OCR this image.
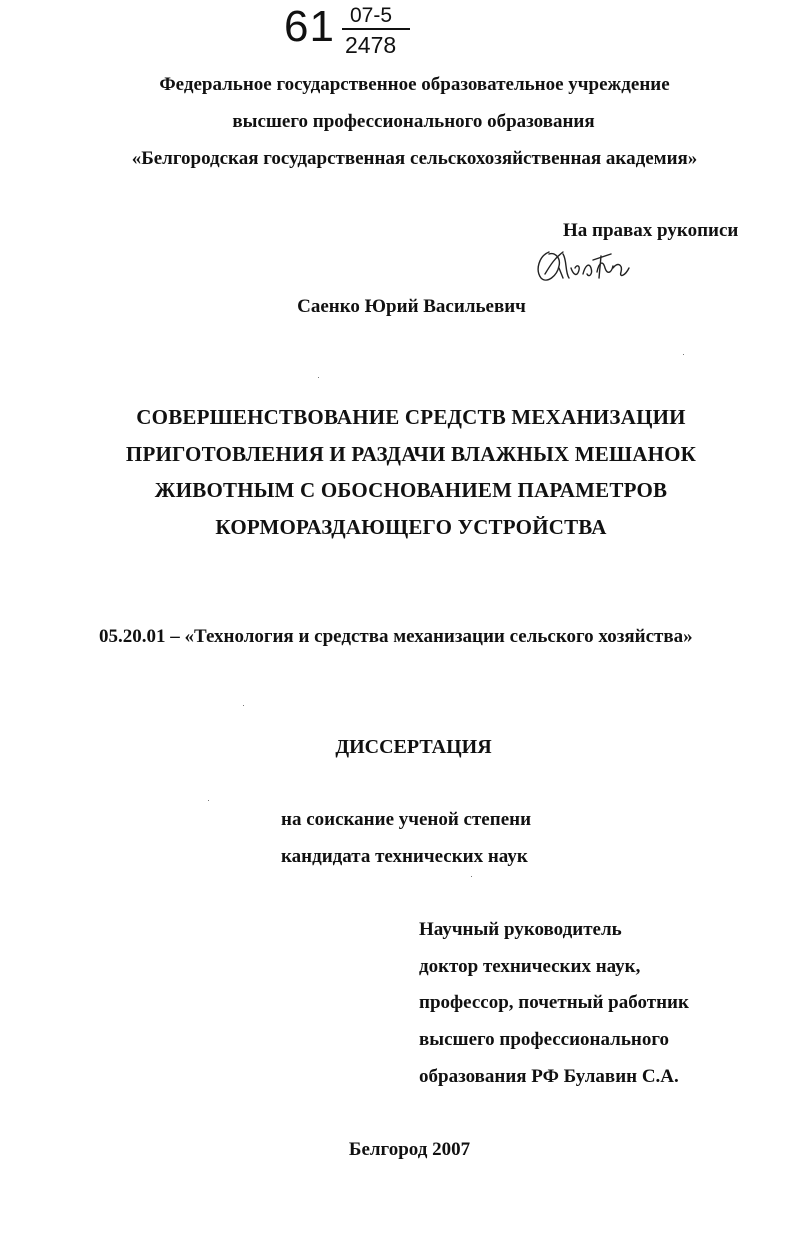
61 07-5
2478
Федеральное государственное образовательное учреждение
высшего профессионального образования
«Белгородская государственная сельскохозяйственная академия»
На правах рукописи
Саенко Юрий Васильевич
СОВЕРШЕНСТВОВАНИЕ СРЕДСТВ МЕХАНИЗАЦИИ
ПРИГОТОВЛЕНИЯ И РАЗДАЧИ ВЛАЖНЫХ МЕШАНОК
ЖИВОТНЫМ С ОБОСНОВАНИЕМ ПАРАМЕТРОВ
КОРМОРАЗДАЮЩЕГО УСТРОЙСТВА
05.20.01 – «Технология и средства механизации сельского хозяйства»
ДИССЕРТАЦИЯ
на соискание ученой степени
кандидата технических наук
Научный руководитель
доктор технических наук,
профессор, почетный работник
высшего профессионального
образования РФ Булавин С.А.
Белгород 2007
